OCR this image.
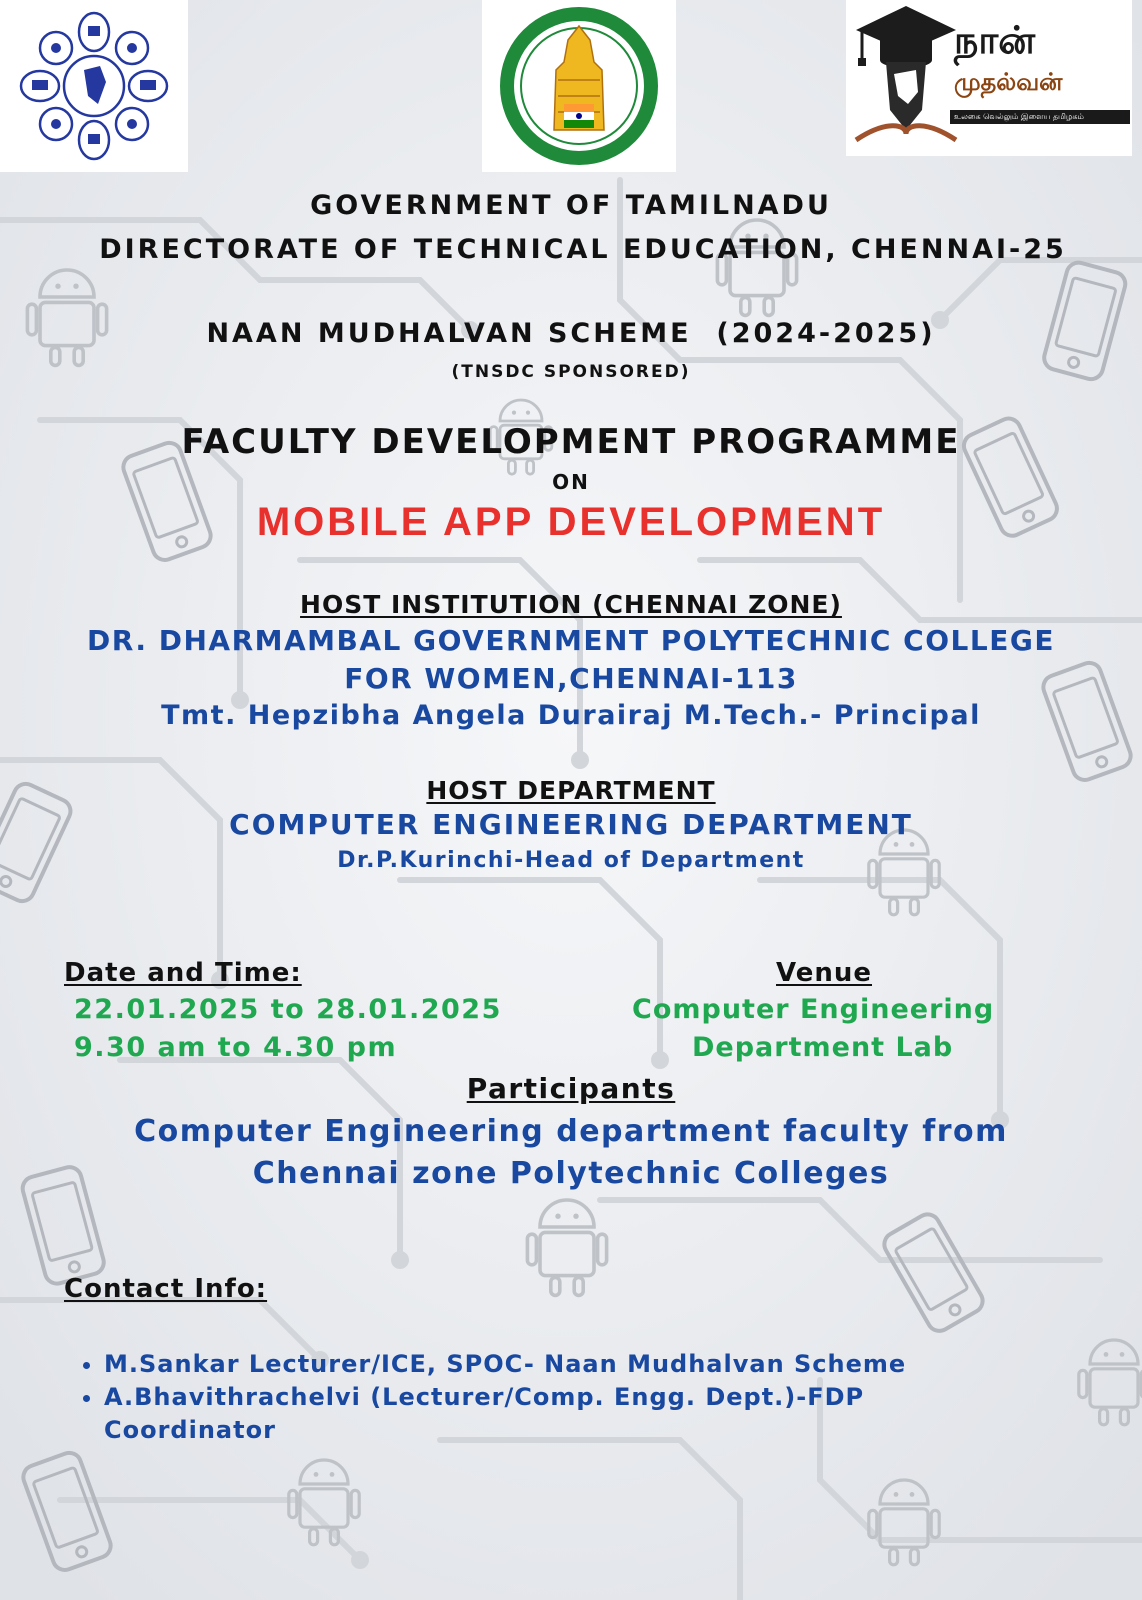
நான்
முதல்வன்
உலகை வெல்லும் இளைய தமிழகம்
GOVERNMENT OF TAMILNADU
DIRECTORATE OF TECHNICAL EDUCATION, CHENNAI-25
NAAN MUDHALVAN SCHEME  (2024-2025)
(TNSDC SPONSORED)
FACULTY DEVELOPMENT PROGRAMME
ON
MOBILE APP DEVELOPMENT
HOST INSTITUTION (CHENNAI ZONE)
DR. DHARMAMBAL GOVERNMENT POLYTECHNIC COLLEGE
FOR WOMEN,CHENNAI-113
Tmt. Hepzibha Angela Durairaj M.Tech.- Principal
HOST DEPARTMENT
COMPUTER ENGINEERING DEPARTMENT
Dr.P.Kurinchi-Head of Department
Date and Time:
22.01.2025 to 28.01.2025
9.30 am to 4.30 pm
Venue
Computer Engineering
Department Lab
Participants
Computer Engineering department faculty from
Chennai zone Polytechnic Colleges
Contact Info:
• M.Sankar Lecturer/ICE, SPOC- Naan Mudhalvan Scheme
• A.Bhavithrachelvi (Lecturer/Comp. Engg. Dept.)-FDP Coordinator
